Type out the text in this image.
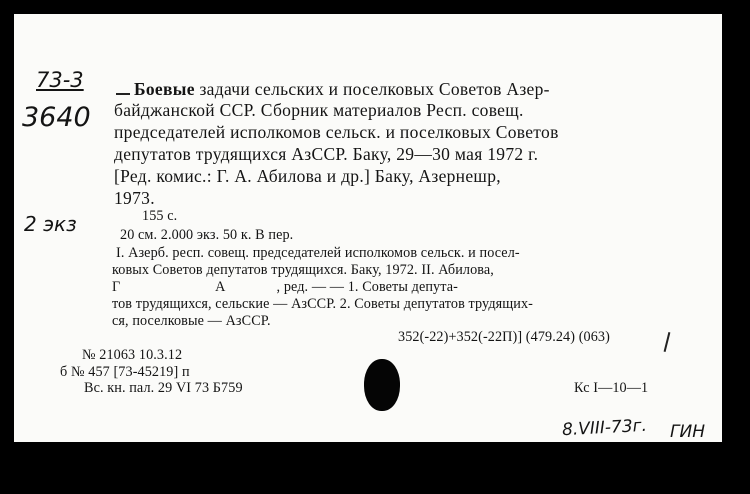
73-3
3640
2 экз
Боевые задачи сельских и поселковых Советов Азер-
байджанской ССР. Сборник материалов Респ. совещ.
председателей исполкомов сельск. и поселковых Советов
депутатов трудящихся АзССР. Баку, 29—30 мая 1972 г.
[Ред. комис.: Г. А. Абилова и др.] Баку, Азернешр,
1973.
155 с.
20 см. 2.000 экз. 50 к. В пер.
I. Азерб. респ. совещ. председателей исполкомов сельск. и посел-
ковых Советов депутатов трудящихся. Баку, 1972. II. Абилова,
Г                          А              , ред. — — 1. Советы депута-
тов трудящихся, сельские — АзССР. 2. Советы депутатов трудящих-
ся, поселковые — АзССР.
352(-22)+352(-22П)] (479.24) (063)
№ 21063 10.3.12
б № 457 [73-45219] п
Вс. кн. пал. 29 VI 73 Б759	Кс I—10—1
8.VIII-73г. ГИН
